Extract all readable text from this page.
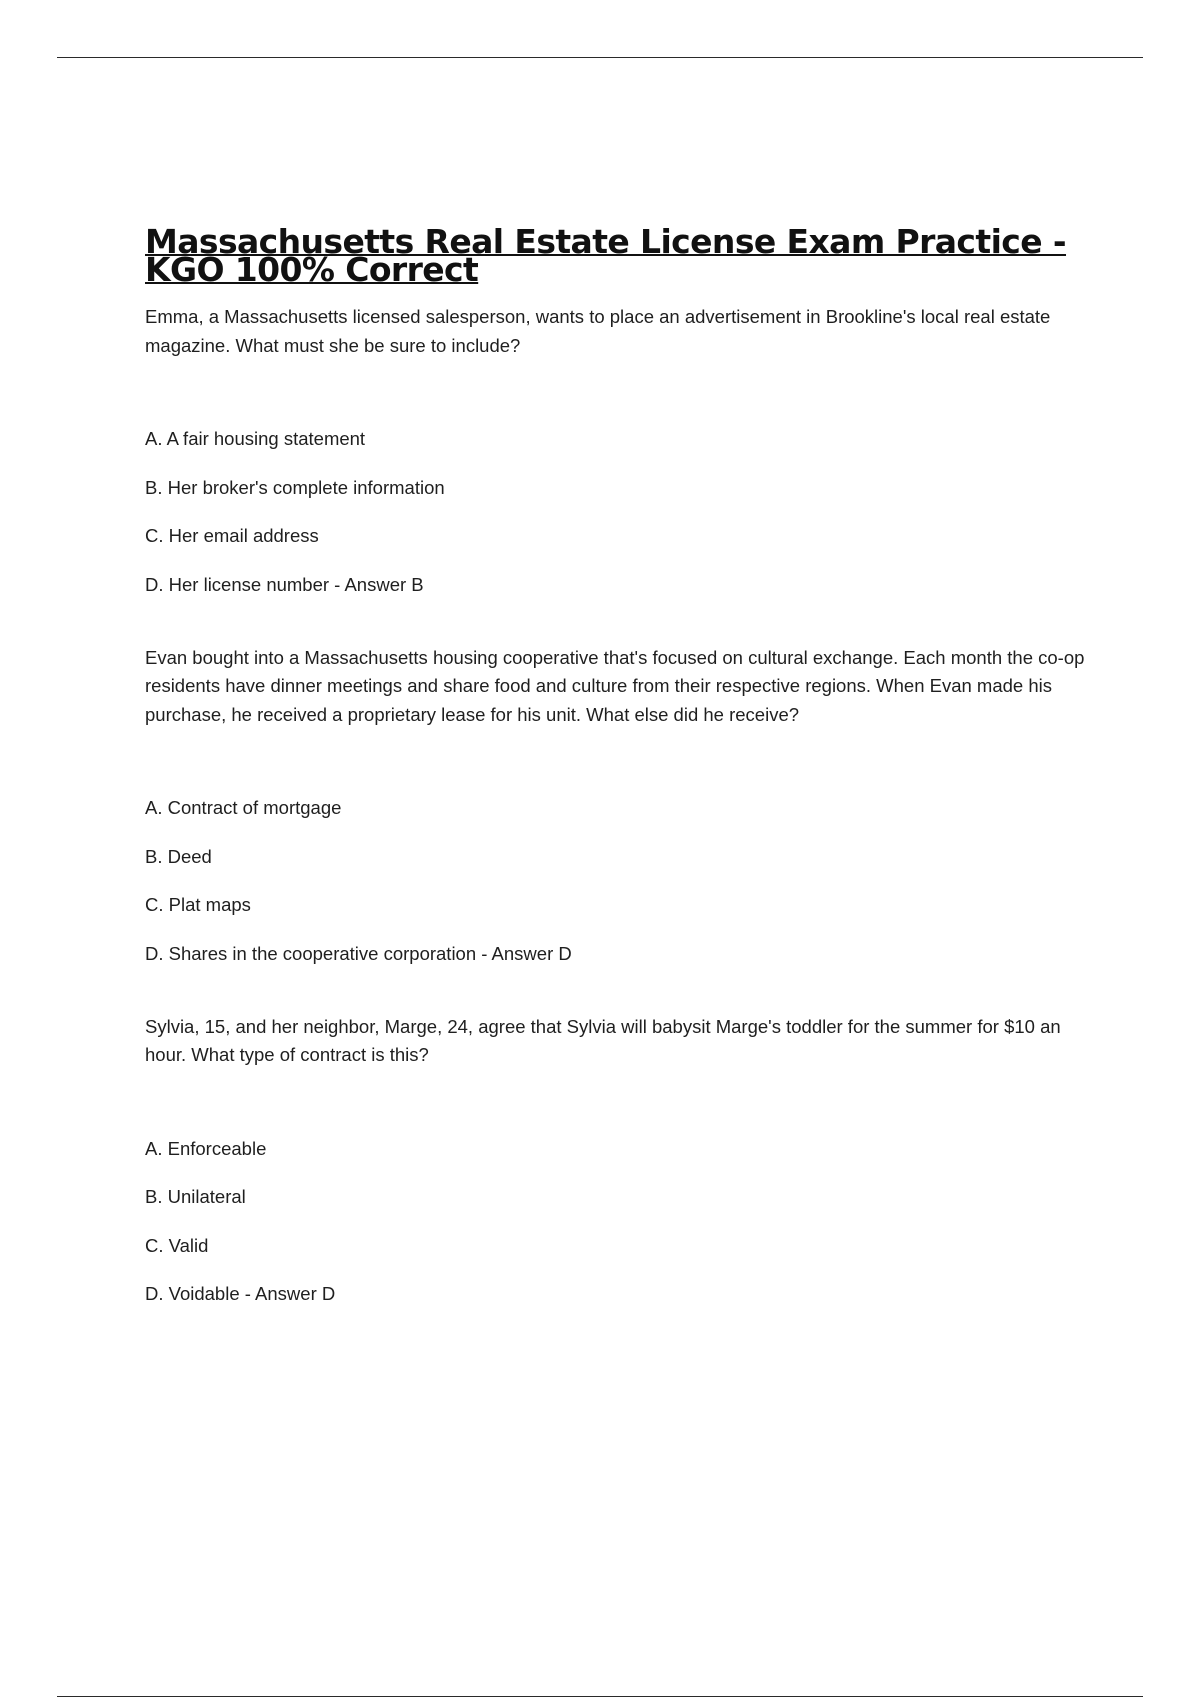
Massachusetts Real Estate License Exam Practice - KGO 100% Correct

Emma, a Massachusetts licensed salesperson, wants to place an advertisement in Brookline's local real estate magazine. What must she be sure to include?

A. A fair housing statement
B. Her broker's complete information
C. Her email address
D. Her license number - Answer B

Evan bought into a Massachusetts housing cooperative that's focused on cultural exchange. Each month the co-op residents have dinner meetings and share food and culture from their respective regions. When Evan made his purchase, he received a proprietary lease for his unit. What else did he receive?

A. Contract of mortgage
B. Deed
C. Plat maps
D. Shares in the cooperative corporation - Answer D

Sylvia, 15, and her neighbor, Marge, 24, agree that Sylvia will babysit Marge's toddler for the summer for $10 an hour. What type of contract is this?

A. Enforceable
B. Unilateral
C. Valid
D. Voidable - Answer D
